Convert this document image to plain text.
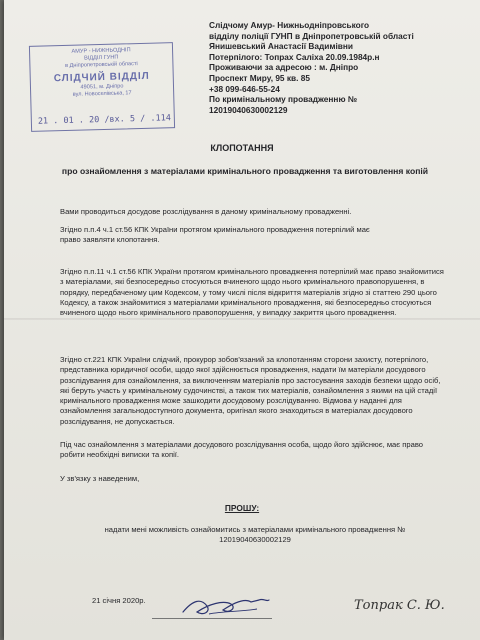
Слідчому Амур- Нижньодніпровського
відділу поліції ГУНП в Дніпропетровській області
Янишевський Анастасії Вадимівни
Потерпілого: Топрах Саліха 20.09.1984р.н
Проживаючи за адресою : м. Дніпро
Проспект Миру, 95 кв. 85
+38 099-646-55-24
По кримінальному провадженню №
12019040630002129
АМУР - НИЖНЬОДНІП
ВІДДІЛ ГУНП
в Дніпропетровській області
СЛІДЧИЙ ВІДДІЛ
49051, м. Дніпро
вул. Новоселівська, 17
21 . 01 . 20 /вх. 5 / .114
КЛОПОТАННЯ
про ознайомлення з матеріалами кримінального провадження та виготовлення копій
Вами проводиться досудове розслідування в даному кримінальному провадженні.
Згідно п.п.4 ч.1 ст.56 КПК України протягом кримінального провадження потерпілий має право заявляти клопотання.
Згідно п.п.11 ч.1 ст.56 КПК України протягом кримінального провадження потерпілий має право знайомитися з матеріалами, які безпосередньо стосуються вчиненого щодо нього кримінального правопорушення, в порядку, передбаченому цим Кодексом, у тому числі після відкриття матеріалів згідно зі статтею 290 цього Кодексу, а також знайомитися з матеріалами кримінального провадження, які безпосередньо стосуються вчиненого щодо нього кримінального правопорушення, у випадку закриття цього провадження.
Згідно ст.221 КПК України слідчий, прокурор зобов'язаний за клопотанням сторони захисту, потерпілого, представника юридичної особи, щодо якої здійснюється провадження, надати їм матеріали досудового розслідування для ознайомлення, за виключенням матеріалів про застосування заходів безпеки щодо осіб, які беруть участь у кримінальному судочинстві, а також тих матеріалів, ознайомлення з якими на цій стадії кримінального провадження може зашкодити досудовому розслідуванню. Відмова у наданні для ознайомлення загальнодоступного документа, оригінал якого знаходиться в матеріалах досудового розслідування, не допускається.
Під час ознайомлення з матеріалами досудового розслідування особа, щодо його здійснює, має право робити необхідні виписки та копії.
У зв'язку з наведеним,
ПРОШУ:
надати мені можливість ознайомитись з матеріалами кримінального провадження № 12019040630002129
21 січня 2020р.	Топрак С. Ю.
